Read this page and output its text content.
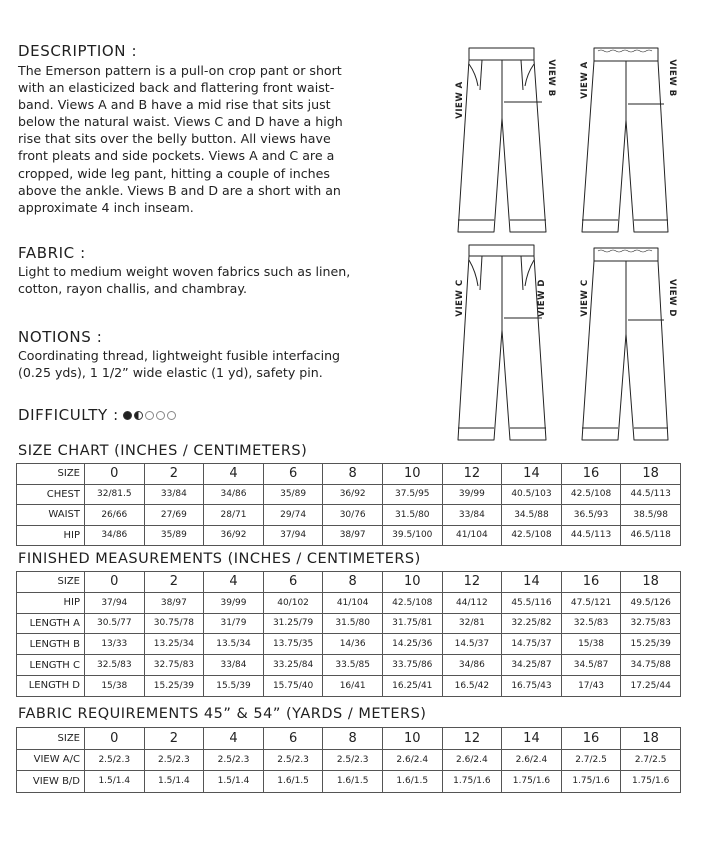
DESCRIPTION :
The Emerson pattern is a pull-on crop pant or short
with an elasticized back and flattering front waist-
band. Views A and B have a mid rise that sits just
below the natural waist. Views C and D have a high
rise that sits over the belly button. All views have
front pleats and side pockets. Views A and C are a
cropped, wide leg pant, hitting a couple of inches
above the ankle. Views B and D are a short with an
approximate 4 inch inseam.
FABRIC :
Light to medium weight woven fabrics such as linen,
cotton, rayon challis, and chambray.
NOTIONS :
Coordinating thread, lightweight fusible interfacing
(0.25 yds), 1 1/2” wide elastic (1 yd), safety pin.
DIFFICULTY :
VIEW A
VIEW B	VIEW A	VIEW B
VIEW C	VIEW D	VIEW C	VIEW D
SIZE CHART (INCHES / CENTIMETERS)
SIZE	0	2	4	6	8	10	12	14	16	18
CHEST	32/81.5	33/84	34/86	35/89	36/92	37.5/95	39/99	40.5/103	42.5/108	44.5/113
WAIST	26/66	27/69	28/71	29/74	30/76	31.5/80	33/84	34.5/88	36.5/93	38.5/98
HIP	34/86	35/89	36/92	37/94	38/97	39.5/100	41/104	42.5/108	44.5/113	46.5/118
FINISHED MEASUREMENTS (INCHES / CENTIMETERS)
SIZE	0	2	4	6	8	10	12	14	16	18
HIP	37/94	38/97	39/99	40/102	41/104	42.5/108	44/112	45.5/116	47.5/121	49.5/126
LENGTH A	30.5/77	30.75/78	31/79	31.25/79	31.5/80	31.75/81	32/81	32.25/82	32.5/83	32.75/83
LENGTH B	13/33	13.25/34	13.5/34	13.75/35	14/36	14.25/36	14.5/37	14.75/37	15/38	15.25/39
LENGTH C	32.5/83	32.75/83	33/84	33.25/84	33.5/85	33.75/86	34/86	34.25/87	34.5/87	34.75/88
LENGTH D	15/38	15.25/39	15.5/39	15.75/40	16/41	16.25/41	16.5/42	16.75/43	17/43	17.25/44
FABRIC REQUIREMENTS 45” & 54” (YARDS / METERS)
SIZE	0	2	4	6	8	10	12	14	16	18
VIEW A/C	2.5/2.3	2.5/2.3	2.5/2.3	2.5/2.3	2.5/2.3	2.6/2.4	2.6/2.4	2.6/2.4	2.7/2.5	2.7/2.5
VIEW B/D	1.5/1.4	1.5/1.4	1.5/1.4	1.6/1.5	1.6/1.5	1.6/1.5	1.75/1.6	1.75/1.6	1.75/1.6	1.75/1.6
